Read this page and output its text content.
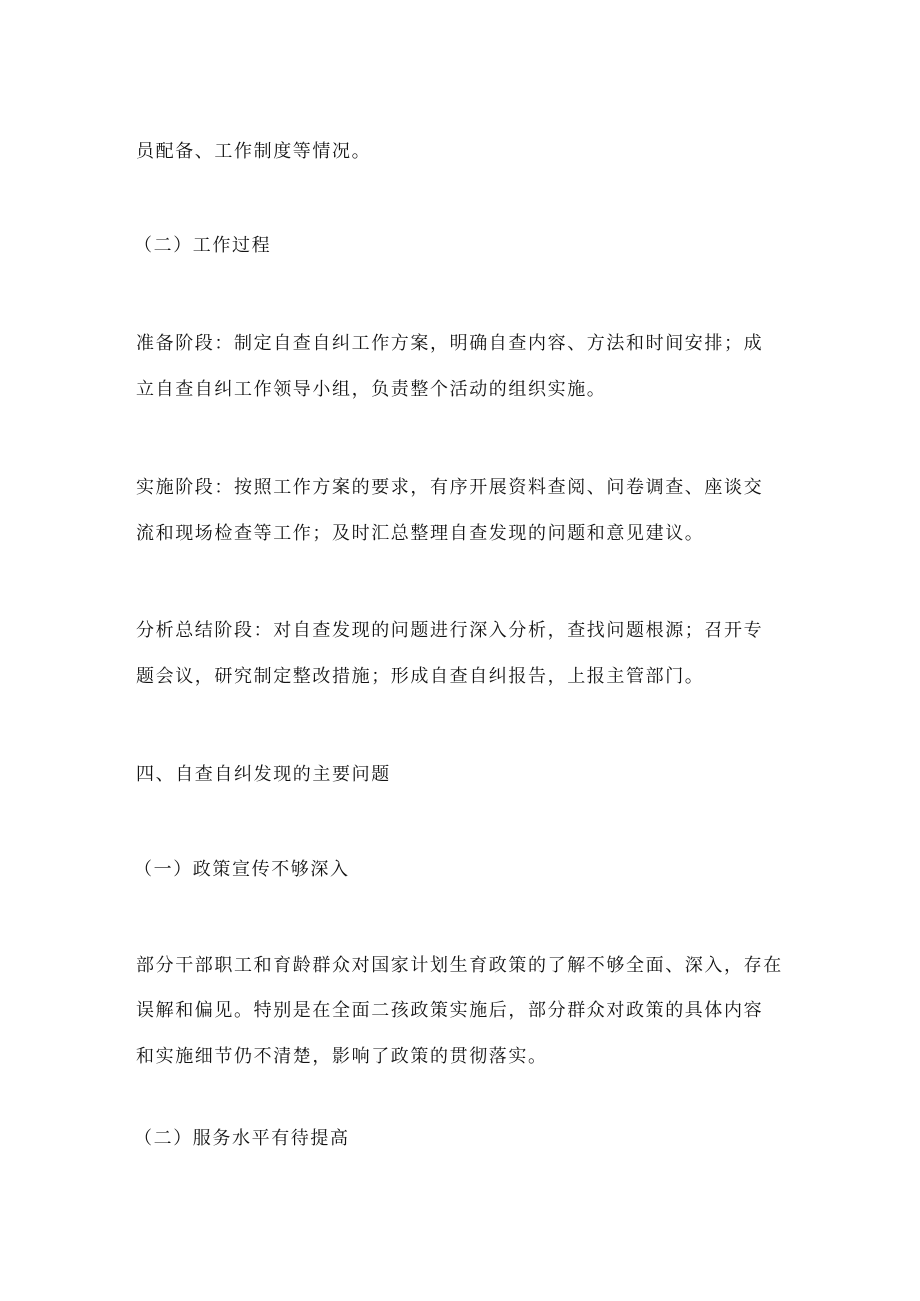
员配备、工作制度等情况。
（二）工作过程
准备阶段：制定自查自纠工作方案，明确自查内容、方法和时间安排；成
立自查自纠工作领导小组，负责整个活动的组织实施。
实施阶段：按照工作方案的要求，有序开展资料查阅、问卷调查、座谈交
流和现场检查等工作；及时汇总整理自查发现的问题和意见建议。
分析总结阶段：对自查发现的问题进行深入分析，查找问题根源；召开专
题会议，研究制定整改措施；形成自查自纠报告，上报主管部门。
四、自查自纠发现的主要问题
（一）政策宣传不够深入
部分干部职工和育龄群众对国家计划生育政策的了解不够全面、深入，存在
误解和偏见。特别是在全面二孩政策实施后，部分群众对政策的具体内容
和实施细节仍不清楚，影响了政策的贯彻落实。
（二）服务水平有待提高
